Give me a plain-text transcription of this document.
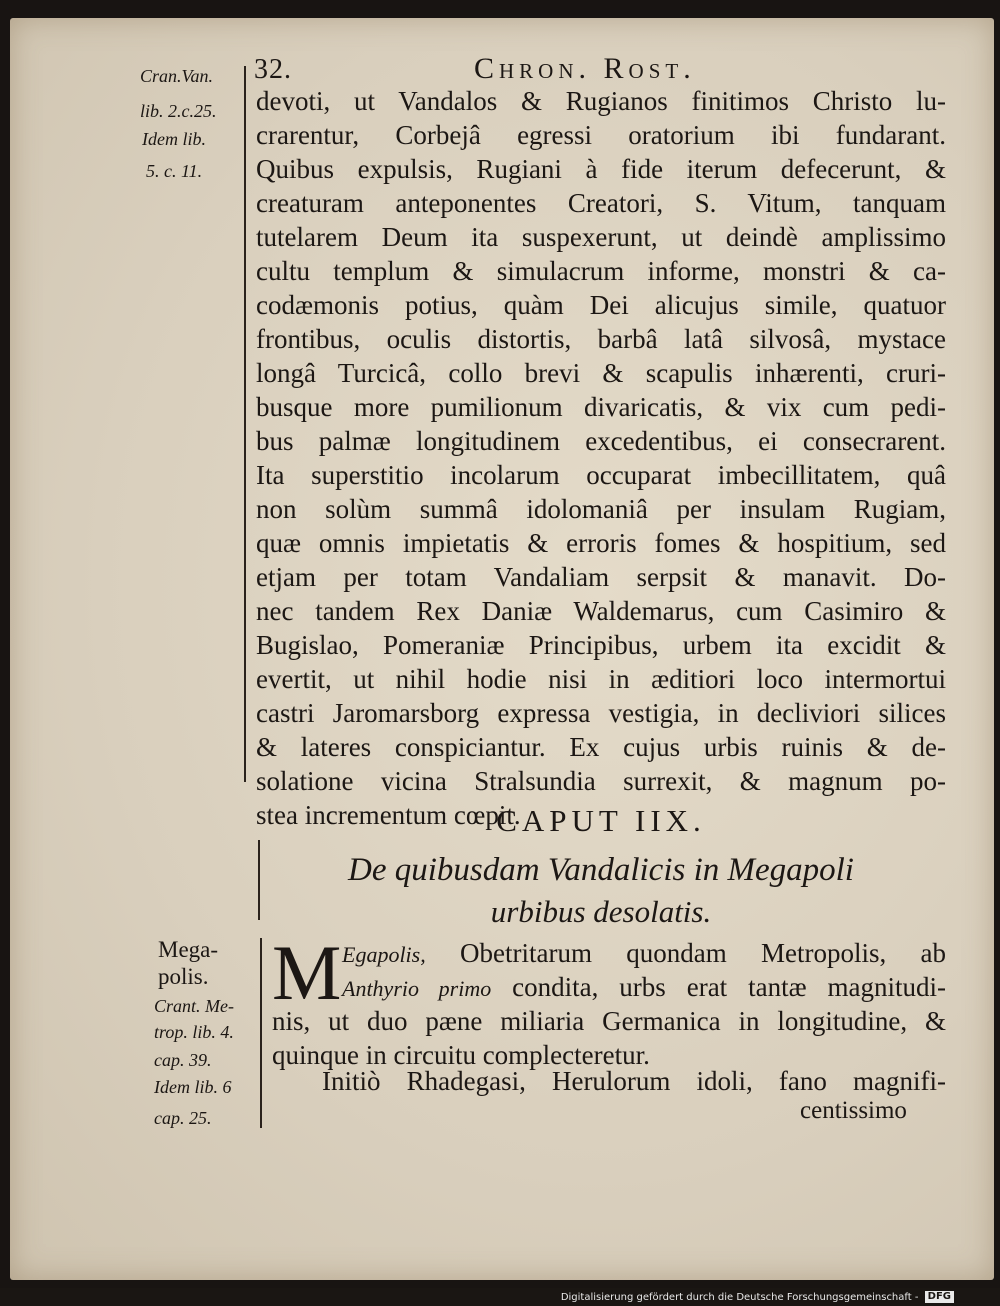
32.	Chron. Rost.
Cran.Van.
lib. 2.c.25.
Idem lib.
5. c. 11.
devoti, ut Vandalos & Rugianos finitimos Christo lu-
crarentur, Corbejâ egressi oratorium ibi fundarant.
Quibus expulsis, Rugiani à fide iterum defecerunt, &
creaturam anteponentes Creatori, S. Vitum, tanquam
tutelarem Deum ita suspexerunt, ut deindè amplissimo
cultu templum & simulacrum informe, monstri & ca-
codæmonis potius, quàm Dei alicujus simile, quatuor
frontibus, oculis distortis, barbâ latâ silvosâ, mystace
longâ Turcicâ, collo brevi & scapulis inhærenti, cruri-
busque more pumilionum divaricatis, & vix cum pedi-
bus palmæ longitudinem excedentibus, ei consecrarent.
Ita superstitio incolarum occuparat imbecillitatem, quâ
non solùm summâ idolomaniâ per insulam Rugiam,
quæ omnis impietatis & erroris fomes & hospitium, sed
etjam per totam Vandaliam serpsit & manavit. Do-
nec tandem Rex Daniæ Waldemarus, cum Casimiro &
Bugislao, Pomeraniæ Principibus, urbem ita excidit &
evertit, ut nihil hodie nisi in æditiori loco intermortui
castri Jaromarsborg expressa vestigia, in decliviori silices
& lateres conspiciantur. Ex cujus urbis ruinis & de-
solatione vicina Stralsundia surrexit, & magnum po-
stea incrementum cœpit.
CAPUT IIX.
De quibusdam Vandalicis in Megapoli
urbibus desolatis.
Mega-
polis.
Crant. Me-
trop. lib. 4.
cap. 39.
Idem lib. 6
cap. 25.
M Egapolis, Obetritarum quondam Metropolis, ab
Anthyrio primo condita, urbs erat tantæ magnitudi-
nis, ut duo pæne miliaria Germanica in longitudine, &
quinque in circuitu complecteretur.
Initiò Rhadegasi, Herulorum idoli, fano magnifi-
centissimo
Digitalisierung gefördert durch die Deutsche Forschungsgemeinschaft - DFG
